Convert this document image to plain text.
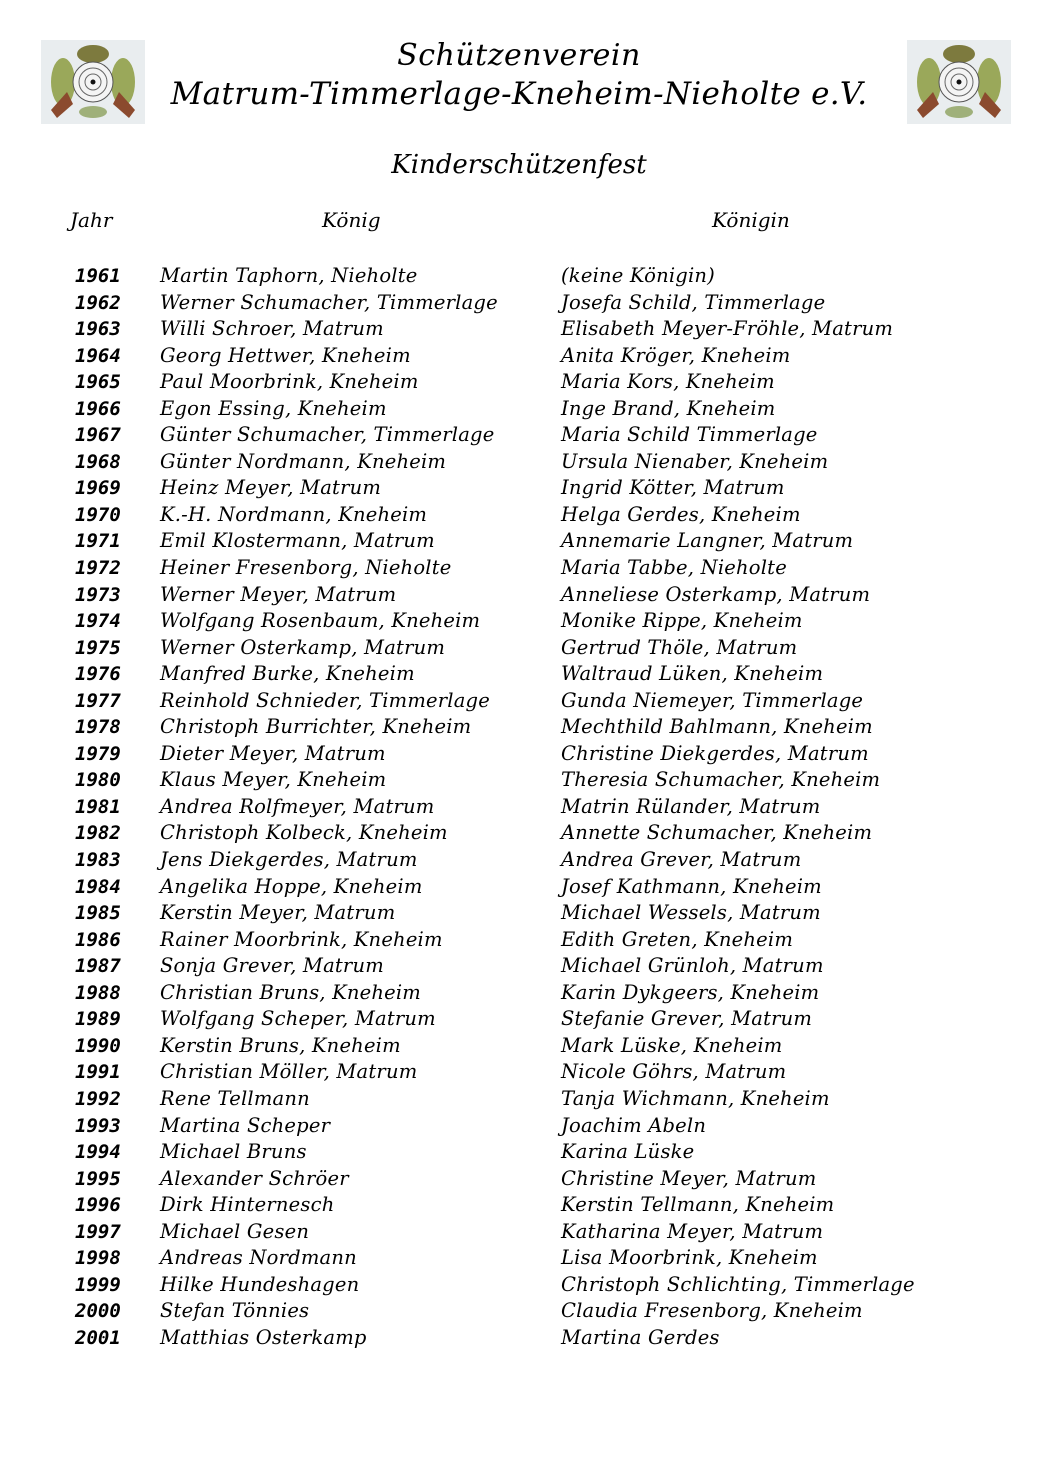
Schützenverein
Matrum-Timmerlage-Kneheim-Nieholte e.V.
Kinderschützenfest
Jahr	König	Königin
1961 Martin Taphorn, Nieholte	(keine Königin)
1962 Werner Schumacher, Timmerlage	Josefa Schild, Timmerlage
1963 Willi Schroer, Matrum	Elisabeth Meyer-Fröhle, Matrum
1964 Georg Hettwer, Kneheim	Anita Kröger, Kneheim
1965 Paul Moorbrink, Kneheim	Maria Kors, Kneheim
1966 Egon Essing, Kneheim	Inge Brand, Kneheim
1967 Günter Schumacher, Timmerlage	Maria Schild Timmerlage
1968 Günter Nordmann, Kneheim	Ursula Nienaber, Kneheim
1969 Heinz Meyer, Matrum	Ingrid Kötter, Matrum
1970 K.-H. Nordmann, Kneheim	Helga Gerdes, Kneheim
1971 Emil Klostermann, Matrum	Annemarie Langner, Matrum
1972 Heiner Fresenborg, Nieholte	Maria Tabbe, Nieholte
1973 Werner Meyer, Matrum	Anneliese Osterkamp, Matrum
1974 Wolfgang Rosenbaum, Kneheim	Monike Rippe, Kneheim
1975 Werner Osterkamp, Matrum	Gertrud Thöle, Matrum
1976 Manfred Burke, Kneheim	Waltraud Lüken, Kneheim
1977 Reinhold Schnieder, Timmerlage	Gunda Niemeyer, Timmerlage
1978 Christoph Burrichter, Kneheim	Mechthild Bahlmann, Kneheim
1979 Dieter Meyer, Matrum	Christine Diekgerdes, Matrum
1980 Klaus Meyer, Kneheim	Theresia Schumacher, Kneheim
1981 Andrea Rolfmeyer, Matrum	Matrin Rülander, Matrum
1982 Christoph Kolbeck, Kneheim	Annette Schumacher, Kneheim
1983 Jens Diekgerdes, Matrum	Andrea Grever, Matrum
1984 Angelika Hoppe, Kneheim	Josef Kathmann, Kneheim
1985 Kerstin Meyer, Matrum	Michael Wessels, Matrum
1986 Rainer Moorbrink, Kneheim	Edith Greten, Kneheim
1987 Sonja Grever, Matrum	Michael Grünloh, Matrum
1988 Christian Bruns, Kneheim	Karin Dykgeers, Kneheim
1989 Wolfgang Scheper, Matrum	Stefanie Grever, Matrum
1990 Kerstin Bruns, Kneheim	Mark Lüske, Kneheim
1991 Christian Möller, Matrum	Nicole Göhrs, Matrum
1992 Rene Tellmann	Tanja Wichmann, Kneheim
1993 Martina Scheper	Joachim Abeln
1994 Michael Bruns	Karina Lüske
1995 Alexander Schröer	Christine Meyer, Matrum
1996 Dirk Hinternesch	Kerstin Tellmann, Kneheim
1997 Michael Gesen	Katharina Meyer, Matrum
1998 Andreas Nordmann	Lisa Moorbrink, Kneheim
1999 Hilke Hundeshagen	Christoph Schlichting, Timmerlage
2000 Stefan Tönnies	Claudia Fresenborg, Kneheim
2001 Matthias Osterkamp	Martina Gerdes
